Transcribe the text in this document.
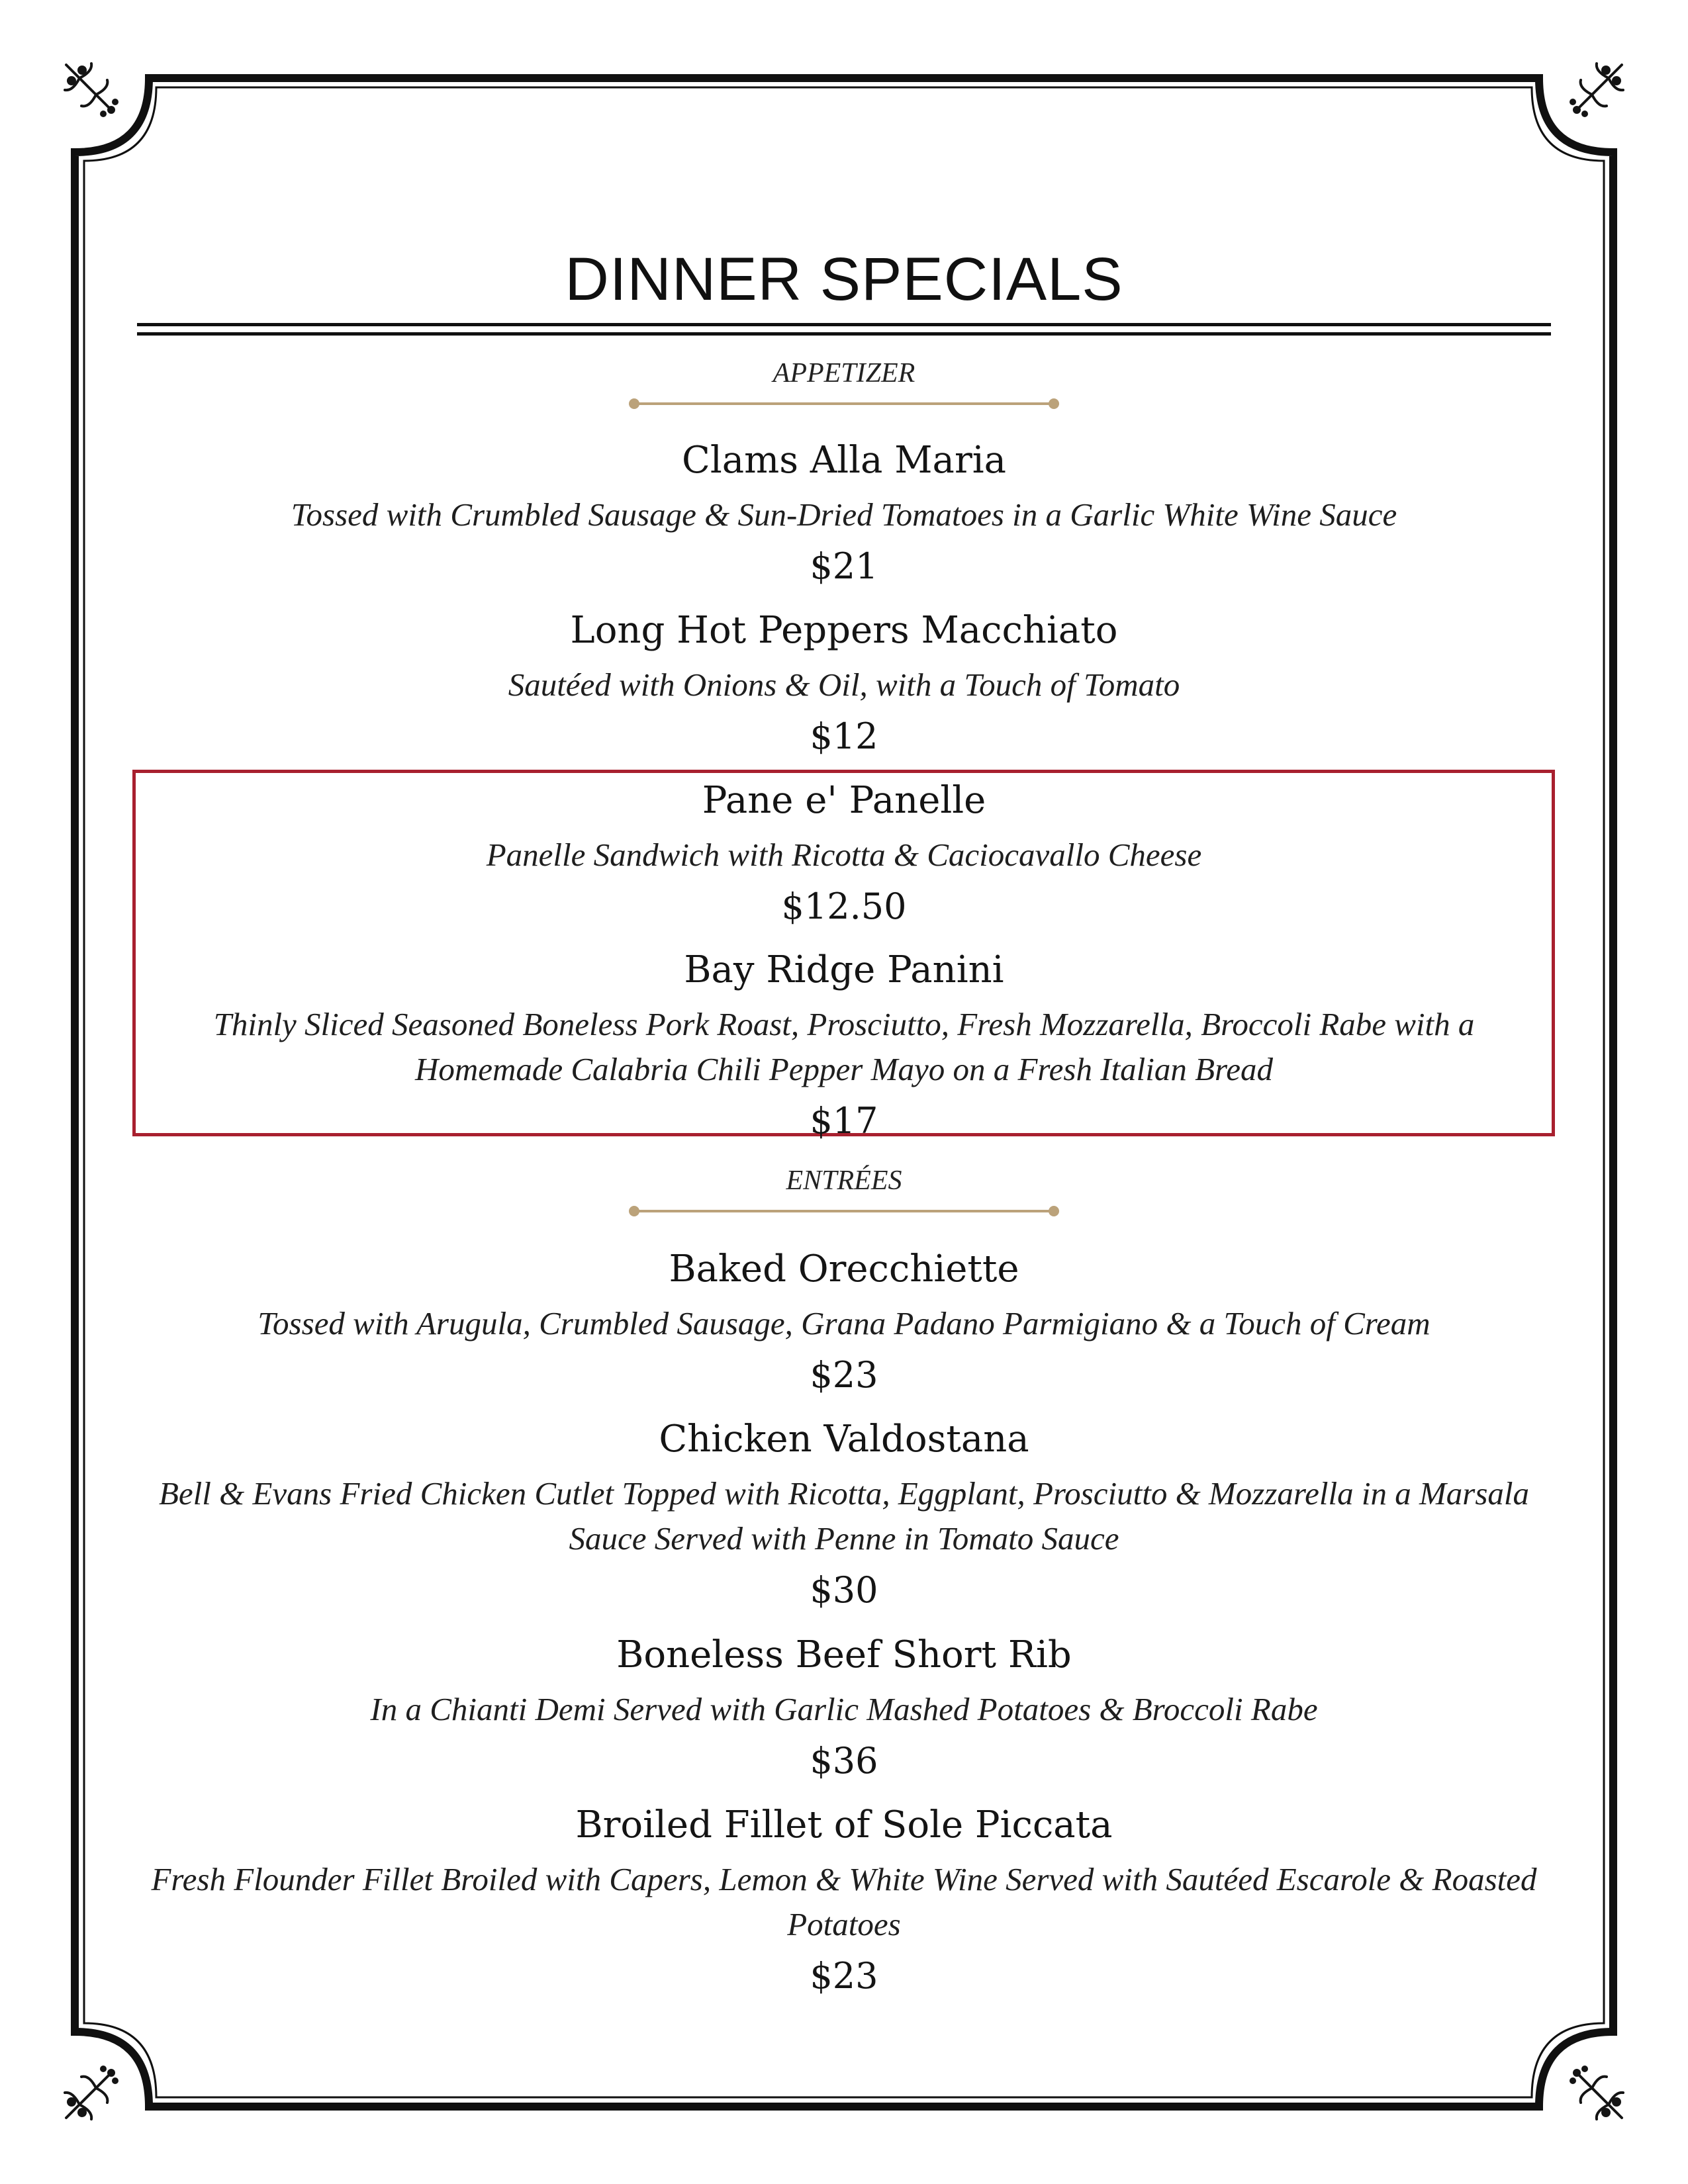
DINNER SPECIALS

APPETIZER

Clams Alla Maria

Tossed with Crumbled Sausage & Sun-Dried Tomatoes in a Garlic White Wine Sauce

$21

Long Hot Peppers Macchiato

Sautéed with Onions & Oil, with a Touch of Tomato

$12

Pane e' Panelle

Panelle Sandwich with Ricotta & Caciocavallo Cheese

$12.50

Bay Ridge Panini

Thinly Sliced Seasoned Boneless Pork Roast, Prosciutto, Fresh Mozzarella, Broccoli Rabe with a Homemade Calabria Chili Pepper Mayo on a Fresh Italian Bread

$17

ENTRÉES

Baked Orecchiette

Tossed with Arugula, Crumbled Sausage, Grana Padano Parmigiano & a Touch of Cream

$23

Chicken Valdostana

Bell & Evans Fried Chicken Cutlet Topped with Ricotta, Eggplant, Prosciutto & Mozzarella in a Marsala Sauce Served with Penne in Tomato Sauce

$30

Boneless Beef Short Rib

In a Chianti Demi Served with Garlic Mashed Potatoes & Broccoli Rabe

$36

Broiled Fillet of Sole Piccata

Fresh Flounder Fillet Broiled with Capers, Lemon & White Wine Served with Sautéed Escarole & Roasted Potatoes

$23
